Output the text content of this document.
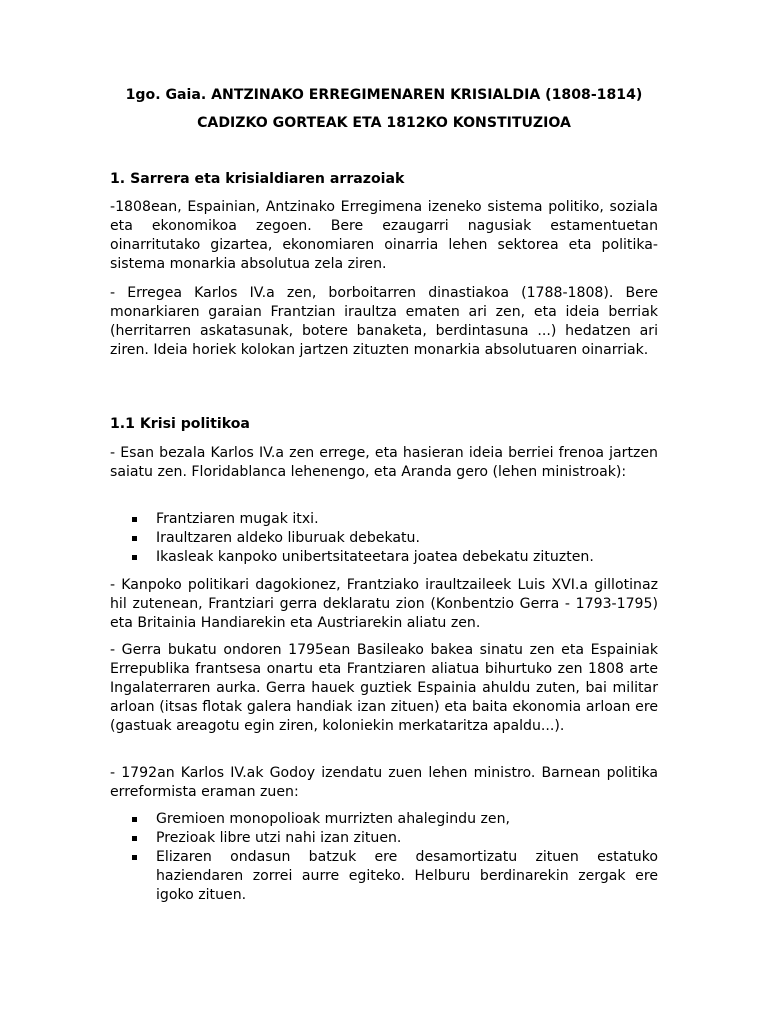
1go. Gaia. ANTZINAKO ERREGIMENAREN KRISIALDIA (1808-1814)

CADIZKO GORTEAK ETA 1812KO KONSTITUZIOA

1. Sarrera eta krisialdiaren arrazoiak

-1808ean, Espainian, Antzinako Erregimena izeneko sistema politiko, soziala eta ekonomikoa zegoen. Bere ezaugarri nagusiak estamentuetan oinarritutako gizartea, ekonomiaren oinarria lehen sektorea eta politika-sistema monarkia absolutua zela ziren.

- Erregea Karlos IV.a zen, borboitarren dinastiakoa (1788-1808). Bere monarkiaren garaian Frantzian iraultza ematen ari zen, eta ideia berriak (herritarren askatasunak, botere banaketa, berdintasuna ...) hedatzen ari ziren. Ideia horiek kolokan jartzen zituzten monarkia absolutuaren oinarriak.

1.1 Krisi politikoa

- Esan bezala Karlos IV.a zen errege, eta hasieran ideia berriei frenoa jartzen saiatu zen. Floridablanca lehenengo, eta Aranda gero (lehen ministroak):

Frantziaren mugak itxi.
Iraultzaren aldeko liburuak debekatu.
Ikasleak kanpoko unibertsitateetara joatea debekatu zituzten.

- Kanpoko politikari dagokionez, Frantziako iraultzaileek Luis XVI.a gillotinaz hil zutenean, Frantziari gerra deklaratu zion (Konbentzio Gerra - 1793-1795) eta Britainia Handiarekin eta Austriarekin aliatu zen.

- Gerra bukatu ondoren 1795ean Basileako bakea sinatu zen eta Espainiak Errepublika frantsesa onartu eta Frantziaren aliatua bihurtuko zen 1808 arte Ingalaterraren aurka. Gerra hauek guztiek Espainia ahuldu zuten, bai militar arloan (itsas flotak galera handiak izan zituen) eta baita ekonomia arloan ere (gastuak areagotu egin ziren, koloniekin merkataritza apaldu...).

- 1792an Karlos IV.ak Godoy izendatu zuen lehen ministro. Barnean politika erreformista eraman zuen:

Gremioen monopolioak murrizten ahalegindu zen,
Prezioak libre utzi nahi izan zituen.
Elizaren ondasun batzuk ere desamortizatu zituen estatuko haziendaren zorrei aurre egiteko. Helburu berdinarekin zergak ere igoko zituen.
